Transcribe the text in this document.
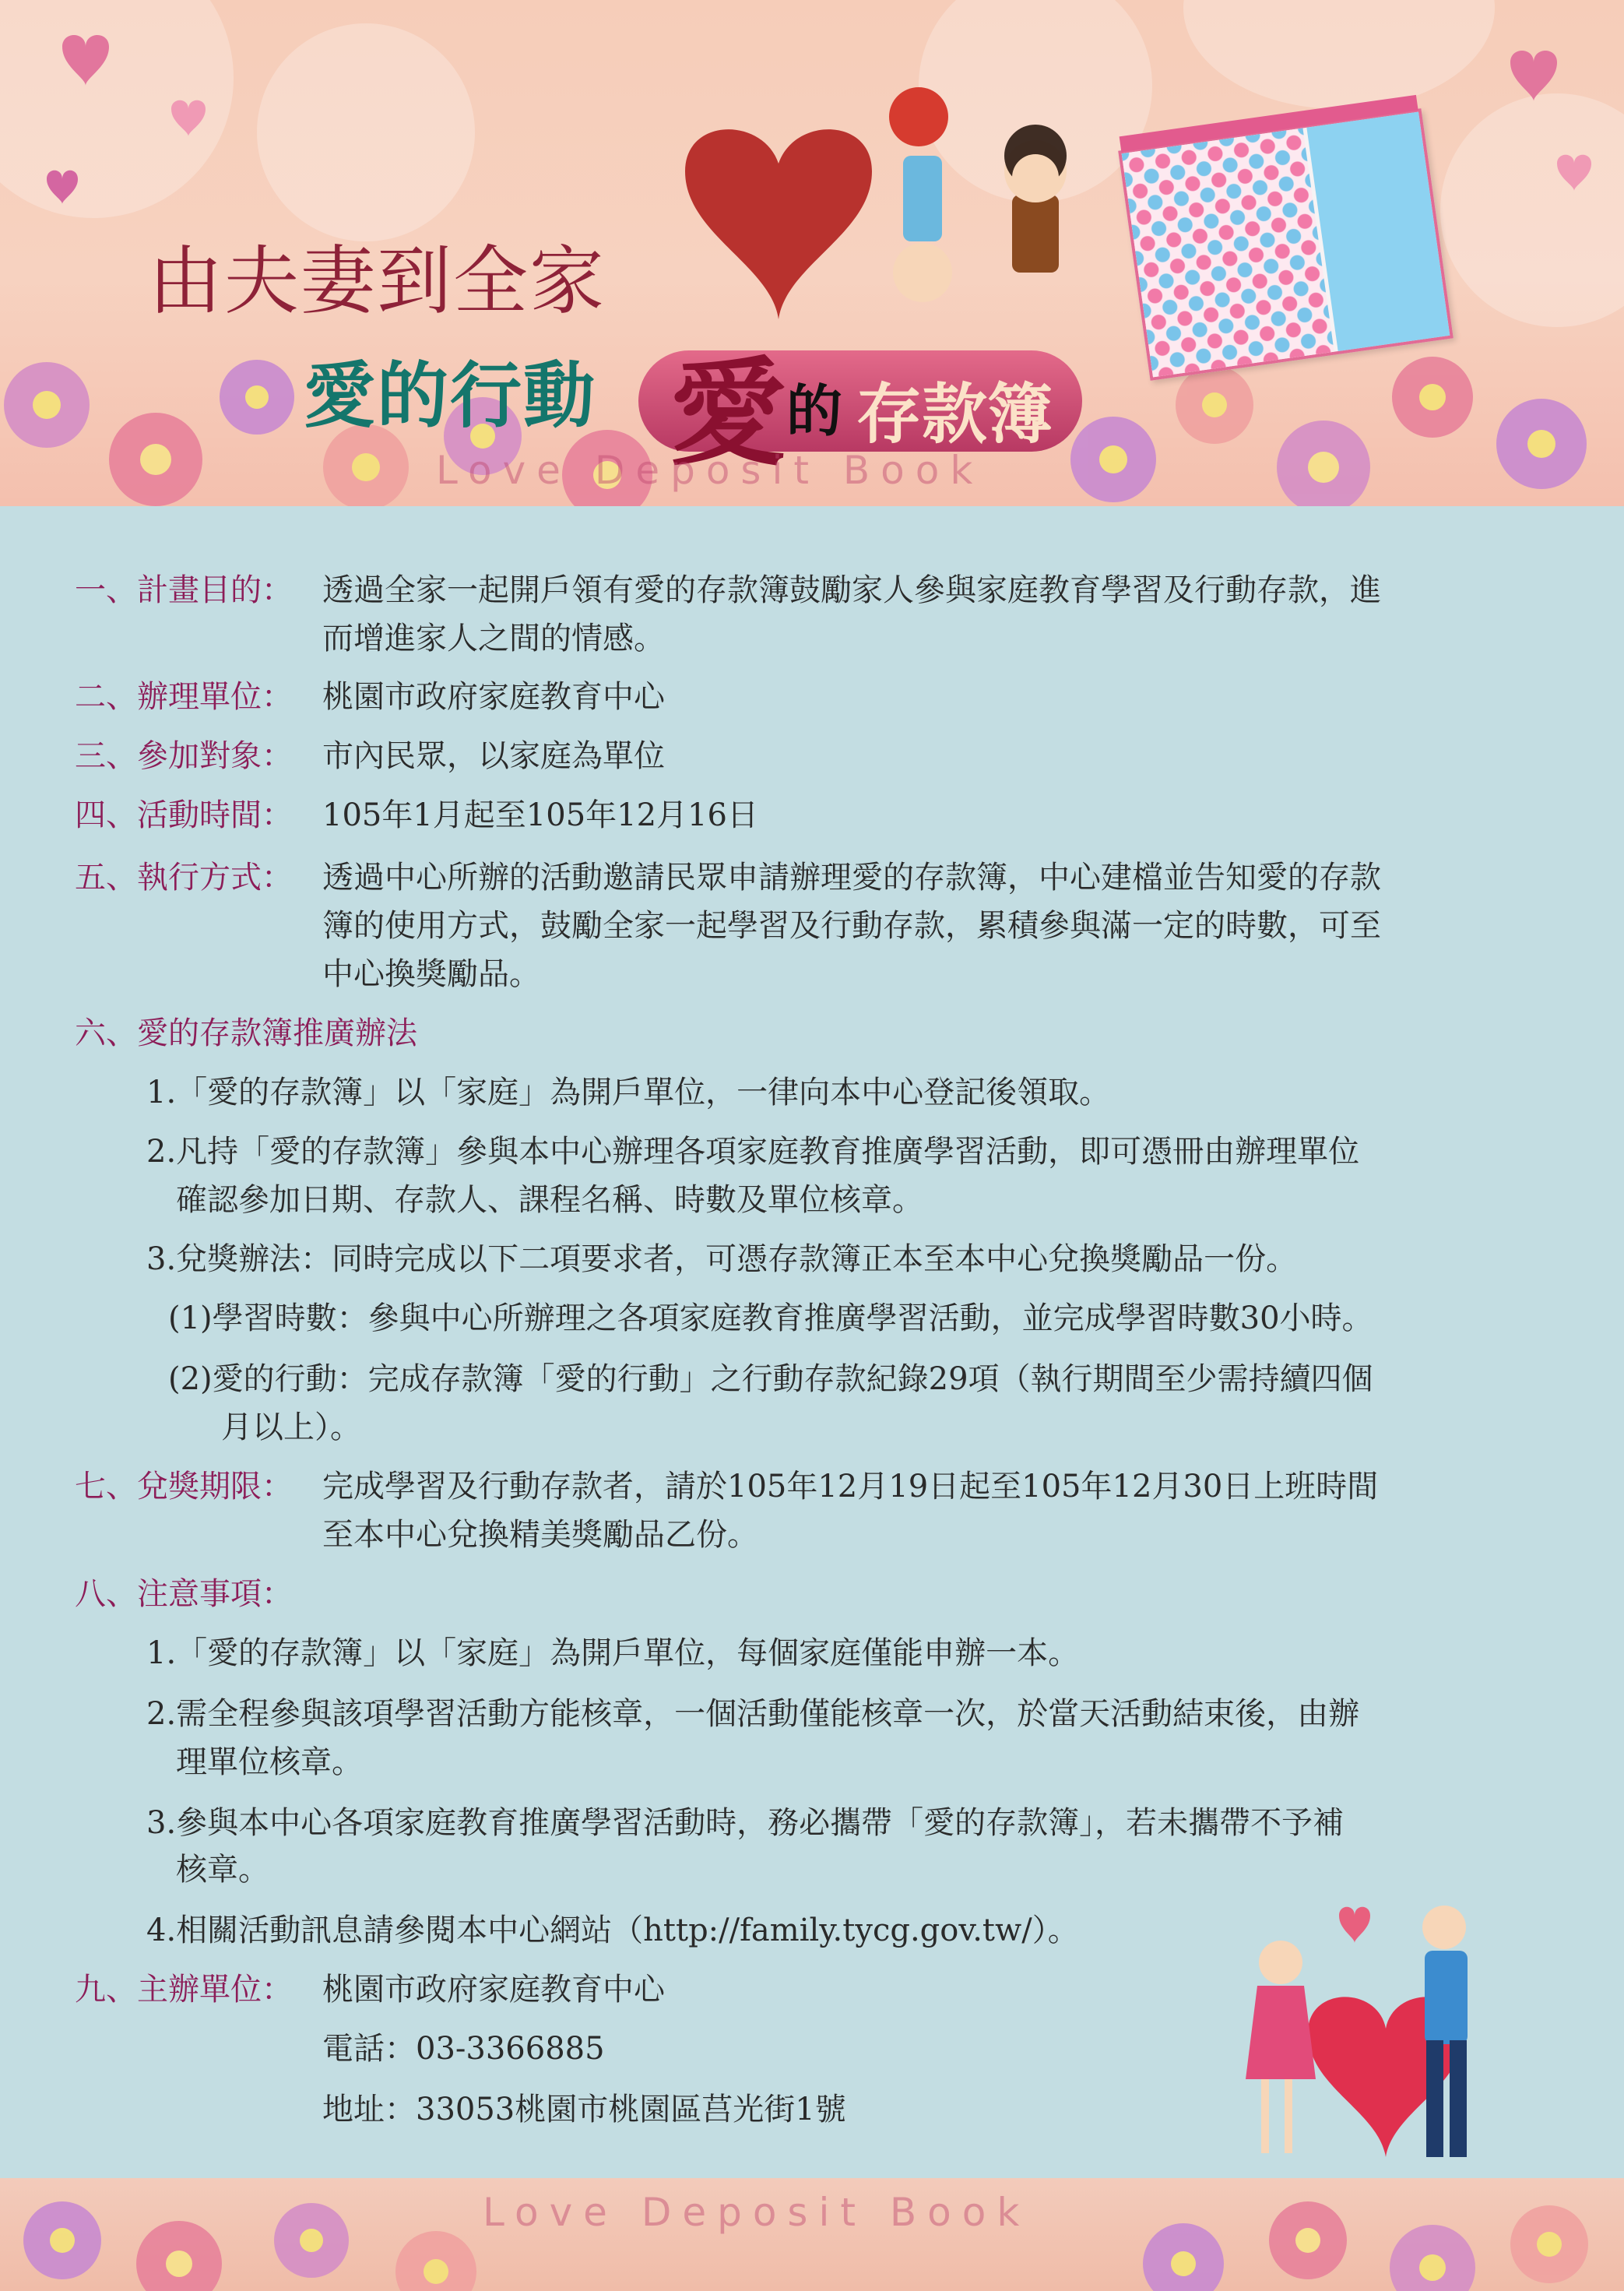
由夫妻到全家
愛的行動 愛 的 存款簿
Love Deposit Book
Love Deposit Book
一、計畫目的： 透過全家一起開戶領有愛的存款簿鼓勵家人參與家庭教育學習及行動存款，進
而增進家人之間的情感。
二、辦理單位： 桃園市政府家庭教育中心
三、參加對象： 市內民眾，以家庭為單位
四、活動時間： 105年1月起至105年12月16日
五、執行方式： 透過中心所辦的活動邀請民眾申請辦理愛的存款簿，中心建檔並告知愛的存款
簿的使用方式，鼓勵全家一起學習及行動存款，累積參與滿一定的時數，可至
中心換獎勵品。
六、愛的存款簿推廣辦法
1.「愛的存款簿」以「家庭」為開戶單位，一律向本中心登記後領取。
2.凡持「愛的存款簿」參與本中心辦理各項家庭教育推廣學習活動，即可憑冊由辦理單位
確認參加日期、存款人、課程名稱、時數及單位核章。
3.兌獎辦法：同時完成以下二項要求者，可憑存款簿正本至本中心兌換獎勵品一份。
(1)學習時數：參與中心所辦理之各項家庭教育推廣學習活動，並完成學習時數30小時。
(2)愛的行動：完成存款簿「愛的行動」之行動存款紀錄29項（執行期間至少需持續四個
月以上）。
七、兌獎期限： 完成學習及行動存款者，請於105年12月19日起至105年12月30日上班時間
至本中心兌換精美獎勵品乙份。
八、注意事項：
1.「愛的存款簿」以「家庭」為開戶單位，每個家庭僅能申辦一本。
2.需全程參與該項學習活動方能核章，一個活動僅能核章一次，於當天活動結束後，由辦
理單位核章。
3.參與本中心各項家庭教育推廣學習活動時，務必攜帶「愛的存款簿」，若未攜帶不予補
核章。
4.相關活動訊息請參閱本中心網站（http://family.tycg.gov.tw/）。
九、主辦單位： 桃園市政府家庭教育中心
電話：03-3366885
地址：33053桃園市桃園區莒光街1號
